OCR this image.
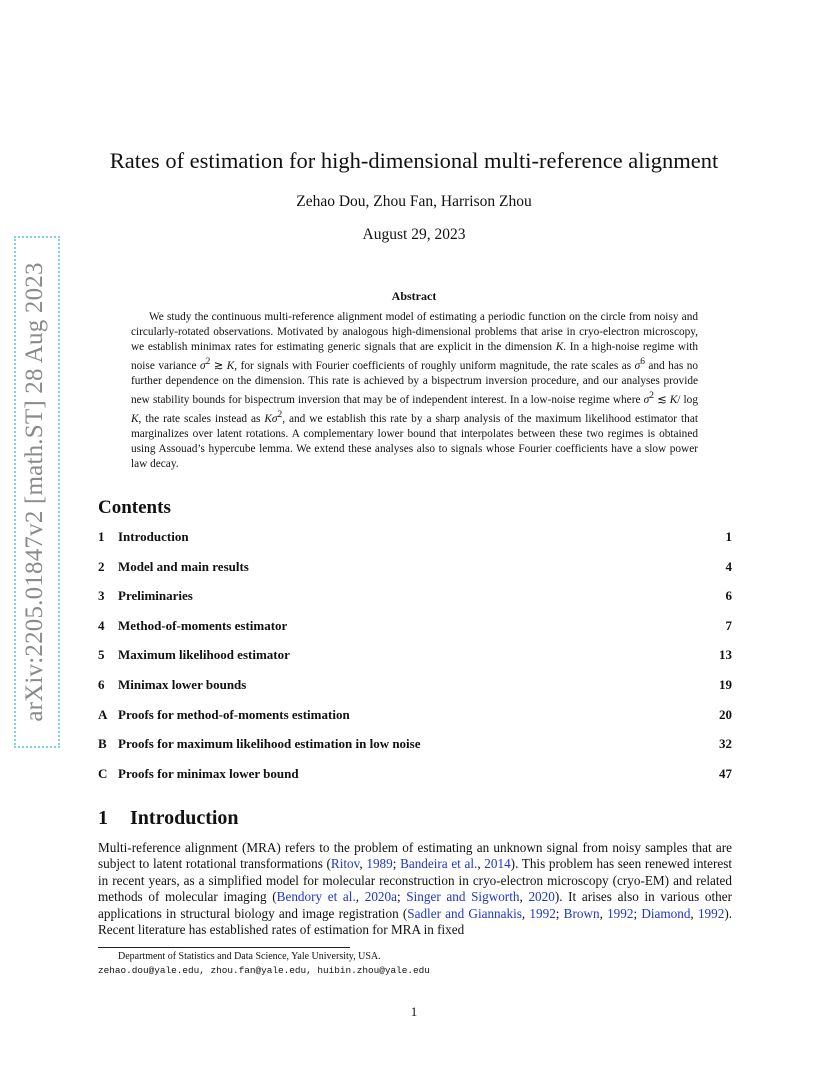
arXiv:2205.01847v2 [math.ST] 28 Aug 2023
Rates of estimation for high-dimensional multi-reference alignment
Zehao Dou, Zhou Fan, Harrison Zhou
August 29, 2023
Abstract

We study the continuous multi-reference alignment model of estimating a periodic function on the circle from noisy and circularly-rotated observations. Motivated by analogous high-dimensional problems that arise in cryo-electron microscopy, we establish minimax rates for estimating generic signals that are explicit in the dimension K. In a high-noise regime with noise variance $\sigma^2$ ≳ K, for signals with Fourier coefficients of roughly uniform magnitude, the rate scales as $\sigma^6$ and has no further dependence on the dimension. This rate is achieved by a bispectrum inversion procedure, and our analyses provide new stability bounds for bispectrum inversion that may be of independent interest. In a low-noise regime where $\sigma^2$ ≲ K/ log K, the rate scales instead as $K\sigma^2$, and we establish this rate by a sharp analysis of the maximum likelihood estimator that marginalizes over latent rotations. A complementary lower bound that interpolates between these two regimes is obtained using Assouad’s hypercube lemma. We extend these analyses also to signals whose Fourier coefficients have a slow power law decay.

Contents
1	Introduction	1
2	Model and main results	4
3	Preliminaries	6
4	Method-of-moments estimator	7
5	Maximum likelihood estimator	13
6	Minimax lower bounds	19
A Proofs for method-of-moments estimation	20
B Proofs for maximum likelihood estimation in low noise	32
C Proofs for minimax lower bound	47
1 Introduction

Multi-reference alignment (MRA) refers to the problem of estimating an unknown signal from noisy samples that are subject to latent rotational transformations (Ritov, 1989; Bandeira et al., 2014). This problem has seen renewed interest in recent years, as a simplified model for molecular reconstruction in cryo-electron microscopy (cryo-EM) and related methods of molecular imaging (Bendory et al., 2020a; Singer and Sigworth, 2020). It arises also in various other applications in structural biology and image registration (Sadler and Giannakis, 1992; Brown, 1992; Diamond, 1992). Recent literature has established rates of estimation for MRA in fixed

Department of Statistics and Data Science, Yale University, USA.
zehao.dou@yale.edu, zhou.fan@yale.edu, huibin.zhou@yale.edu
1
